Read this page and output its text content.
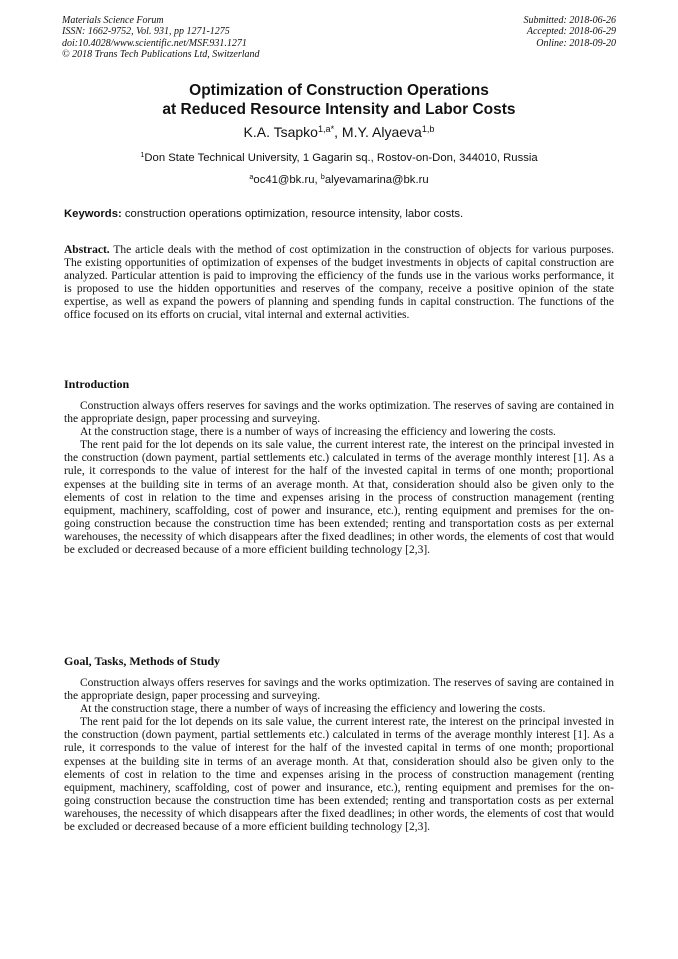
Materials Science Forum
ISSN: 1662-9752, Vol. 931, pp 1271-1275
doi:10.4028/www.scientific.net/MSF.931.1271
© 2018 Trans Tech Publications Ltd, Switzerland
Submitted: 2018-06-26
Accepted: 2018-06-29
Online: 2018-09-20
Optimization of Construction Operations
at Reduced Resource Intensity and Labor Costs
K.A. Tsapko$^{1,a*}$, M.Y. Alyaeva$^{1,b}$
$^1$Don State Technical University, 1 Gagarin sq., Rostov-on-Don, 344010, Russia
$^a$oc41@bk.ru, $^b$alyevamarina@bk.ru
Keywords: construction operations optimization, resource intensity, labor costs.

Abstract. The article deals with the method of cost optimization in the construction of objects for various purposes. The existing opportunities of optimization of expenses of the budget investments in objects of capital construction are analyzed. Particular attention is paid to improving the efficiency of the funds use in the various works performance, it is proposed to use the hidden opportunities and reserves of the company, receive a positive opinion of the state expertise, as well as expand the powers of planning and spending funds in capital construction. The functions of the office focused on its efforts on crucial, vital internal and external activities.

Introduction

Construction always offers reserves for savings and the works optimization. The reserves of saving are contained in the appropriate design, paper processing and surveying.

At the construction stage, there is a number of ways of increasing the efficiency and lowering the costs.

The rent paid for the lot depends on its sale value, the current interest rate, the interest on the principal invested in the construction (down payment, partial settlements etc.) calculated in terms of the average monthly interest [1]. As a rule, it corresponds to the value of interest for the half of the invested capital in terms of one month; proportional expenses at the building site in terms of an average month. At that, consideration should also be given only to the elements of cost in relation to the time and expenses arising in the process of construction management (renting equipment, machinery, scaffolding, cost of power and insurance, etc.), renting equipment and premises for the on-going construction because the construction time has been extended; renting and transportation costs as per external warehouses, the necessity of which disappears after the fixed deadlines; in other words, the elements of cost that would be excluded or decreased because of a more efficient building technology [2,3].

Goal, Tasks, Methods of Study

Construction always offers reserves for savings and the works optimization. The reserves of saving are contained in the appropriate design, paper processing and surveying.

At the construction stage, there a number of ways of increasing the efficiency and lowering the costs.

The rent paid for the lot depends on its sale value, the current interest rate, the interest on the principal invested in the construction (down payment, partial settlements etc.) calculated in terms of the average monthly interest [1]. As a rule, it corresponds to the value of interest for the half of the invested capital in terms of one month; proportional expenses at the building site in terms of an average month. At that, consideration should also be given only to the elements of cost in relation to the time and expenses arising in the process of construction management (renting equipment, machinery, scaffolding, cost of power and insurance, etc.), renting equipment and premises for the on-going construction because the construction time has been extended; renting and transportation costs as per external warehouses, the necessity of which disappears after the fixed deadlines; in other words, the elements of cost that would be excluded or decreased because of a more efficient building technology [2,3].
